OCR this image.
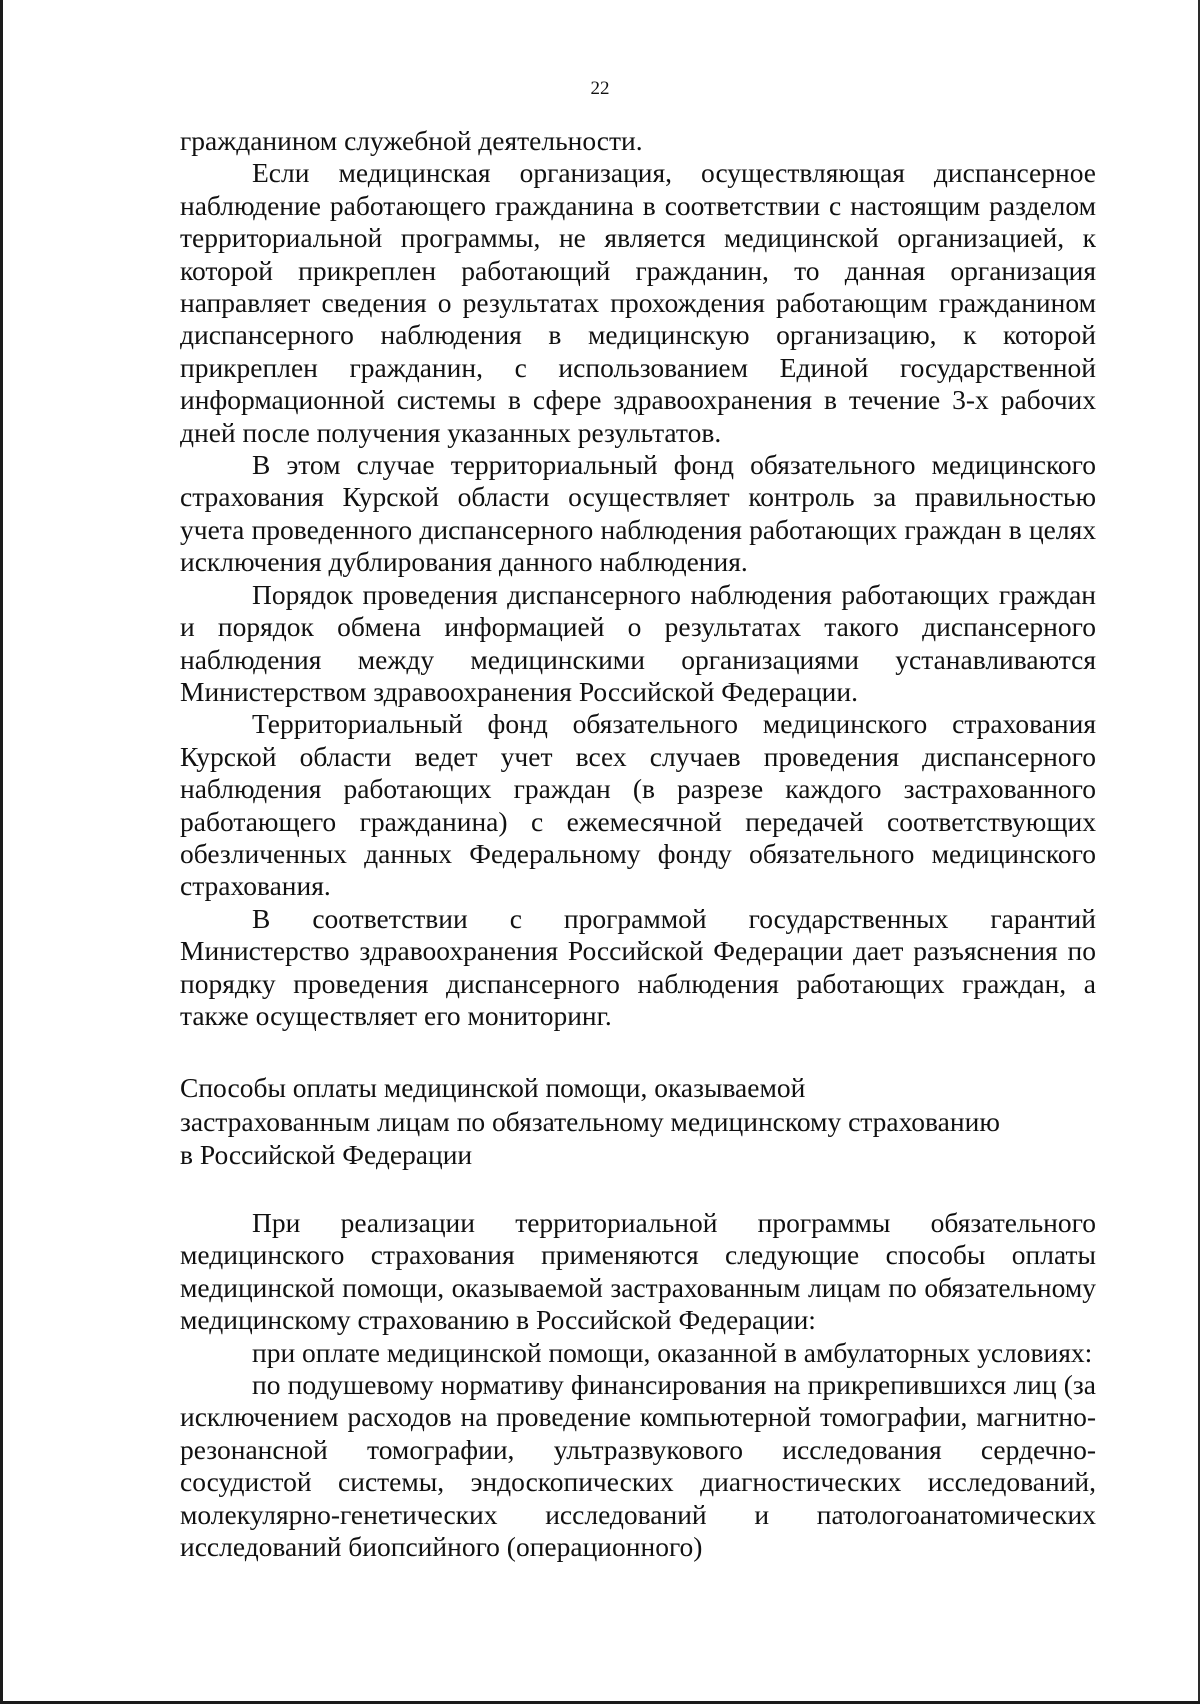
22

гражданином служебной деятельности.

Если медицинская организация, осуществляющая диспансерное наблюдение работающего гражданина в соответствии с настоящим разделом территориальной программы, не является медицинской организацией, к которой прикреплен работающий гражданин, то данная организация направляет сведения о результатах прохождения работающим гражданином диспансерного наблюдения в медицинскую организацию, к которой прикреплен гражданин, с использованием Единой государственной информационной системы в сфере здравоохранения в течение 3-х рабочих дней после получения указанных результатов.

В этом случае территориальный фонд обязательного медицинского страхования Курской области осуществляет контроль за правильностью учета проведенного диспансерного наблюдения работающих граждан в целях исключения дублирования данного наблюдения.

Порядок проведения диспансерного наблюдения работающих граждан и порядок обмена информацией о результатах такого диспансерного наблюдения между медицинскими организациями устанавливаются Министерством здравоохранения Российской Федерации.

Территориальный фонд обязательного медицинского страхования Курской области ведет учет всех случаев проведения диспансерного наблюдения работающих граждан (в разрезе каждого застрахованного работающего гражданина) с ежемесячной передачей соответствующих обезличенных данных Федеральному фонду обязательного медицинского страхования.

В соответствии с программой государственных гарантий Министерство здравоохранения Российской Федерации дает разъяснения по порядку проведения диспансерного наблюдения работающих граждан, а также осуществляет его мониторинг.

Способы оплаты медицинской помощи, оказываемой

застрахованным лицам по обязательному медицинскому страхованию

в Российской Федерации

При реализации территориальной программы обязательного медицинского страхования применяются следующие способы оплаты медицинской помощи, оказываемой застрахованным лицам по обязательному медицинскому страхованию в Российской Федерации:

при оплате медицинской помощи, оказанной в амбулаторных условиях:

по подушевому нормативу финансирования на прикрепившихся лиц (за исключением расходов на проведение компьютерной томографии, магнитно-резонансной томографии, ультразвукового исследования сердечно-сосудистой системы, эндоскопических диагностических исследований, молекулярно-генетических исследований и патологоанатомических исследований биопсийного (операционного)
